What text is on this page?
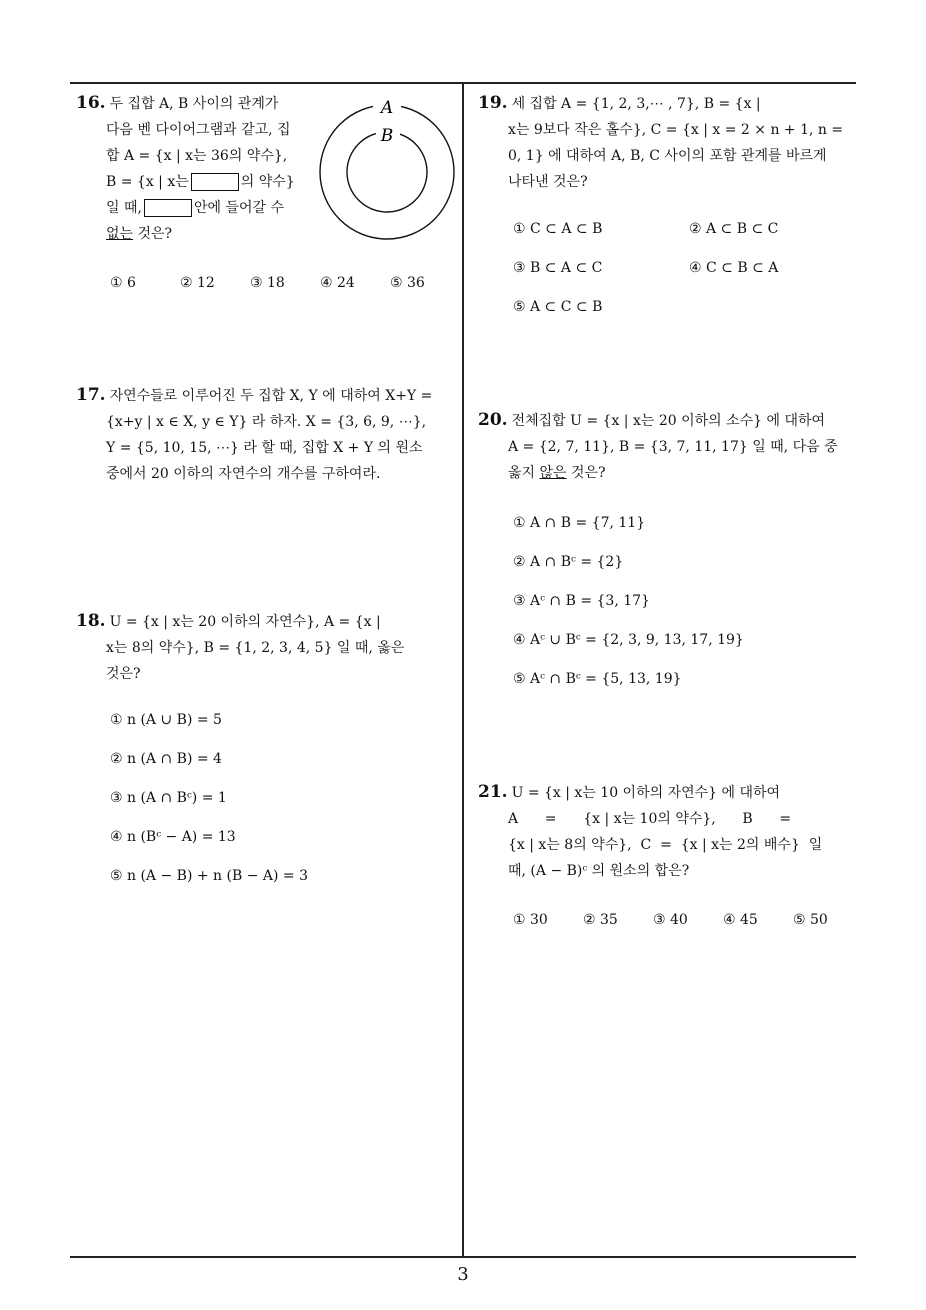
16. 두 집합 A, B 사이의 관계가
다음 벤 다이어그램과 같고, 집
합 A = {x | x는 36의 약수},
B = {x | x는	의 약수}
일 때,	안에 들어갈 수
없는 것은?
A
B
① 6	② 12	③ 18	④ 24	⑤ 36
17. 자연수들로 이루어진 두 집합 X, Y 에 대하여 X+Y =
{x+y | x ∈ X, y ∈ Y} 라 하자. X = {3, 6, 9, ⋯},
Y = {5, 10, 15, ⋯} 라 할 때, 집합 X + Y 의 원소
중에서 20 이하의 자연수의 개수를 구하여라.
18. U = {x | x는 20 이하의 자연수}, A = {x |
x는 8의 약수}, B = {1, 2, 3, 4, 5} 일 때, 옳은
것은?
① n (A ∪ B) = 5
② n (A ∩ B) = 4
③ n (A ∩ Bᶜ) = 1
④ n (Bᶜ − A) = 13
⑤ n (A − B) + n (B − A) = 3
19. 세 집합 A = {1, 2, 3,⋯ , 7}, B = {x |
x는 9보다 작은 홀수}, C = {x | x = 2 × n + 1, n =
0, 1} 에 대하여 A, B, C 사이의 포함 관계를 바르게
나타낸 것은?
① C ⊂ A ⊂ B	② A ⊂ B ⊂ C
③ B ⊂ A ⊂ C	④ C ⊂ B ⊂ A
⑤ A ⊂ C ⊂ B
20. 전체집합 U = {x | x는 20 이하의 소수} 에 대하여
A = {2, 7, 11}, B = {3, 7, 11, 17} 일 때, 다음 중
옳지 않은 것은?
① A ∩ B = {7, 11}
② A ∩ Bᶜ = {2}
③ Aᶜ ∩ B = {3, 17}
④ Aᶜ ∪ Bᶜ = {2, 3, 9, 13, 17, 19}
⑤ Aᶜ ∩ Bᶜ = {5, 13, 19}
21. U = {x | x는 10 이하의 자연수} 에 대하여
A      =      {x | x는 10의 약수},      B      =
{x | x는 8의 약수},  C  =  {x | x는 2의 배수}  일
때, (A − B)ᶜ 의 원소의 합은?
① 30	② 35	③ 40	④ 45	⑤ 50
3
